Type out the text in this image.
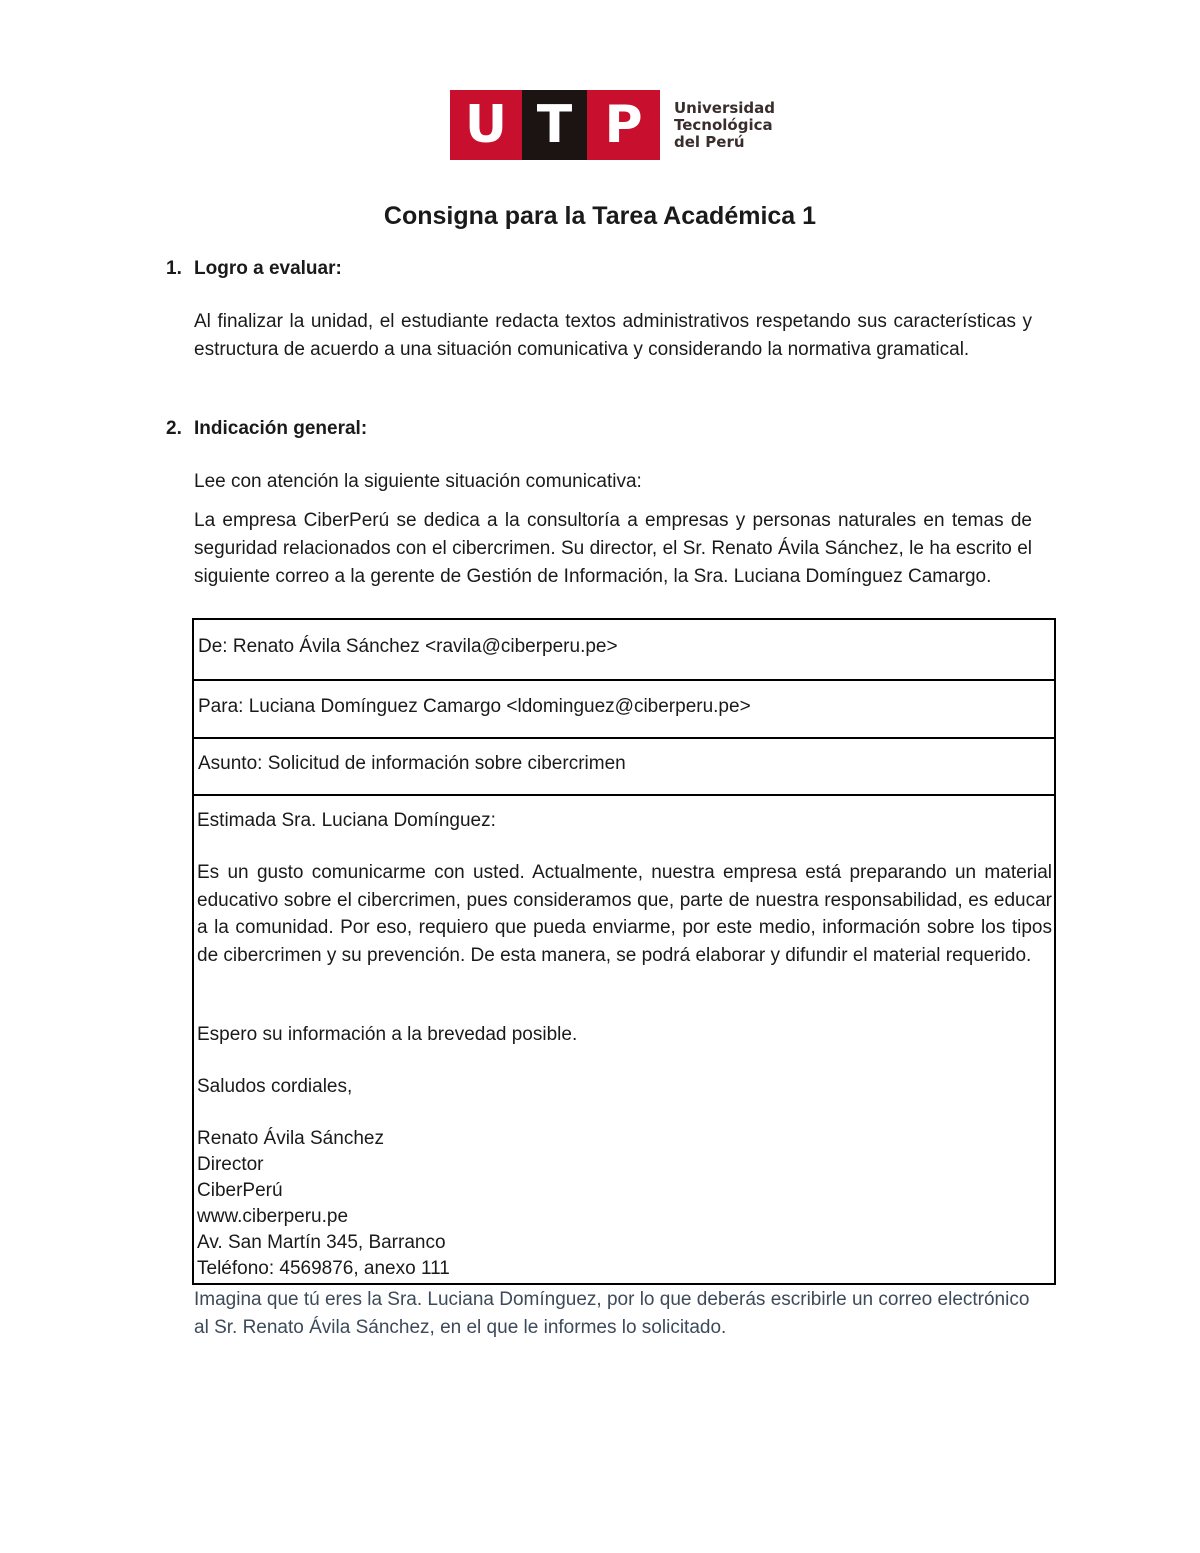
U T P	Universidad
Tecnológica
del Perú
Consigna para la Tarea Académica 1
1. Logro a evaluar:
Al finalizar la unidad, el estudiante redacta textos administrativos respetando sus características y estructura de acuerdo a una situación comunicativa y considerando la normativa gramatical.
2. Indicación general:
Lee con atención la siguiente situación comunicativa:
La empresa CiberPerú se dedica a la consultoría a empresas y personas naturales en temas de seguridad relacionados con el cibercrimen. Su director, el Sr. Renato Ávila Sánchez, le ha escrito el siguiente correo a la gerente de Gestión de Información, la Sra. Luciana Domínguez Camargo.
De: Renato Ávila Sánchez <ravila@ciberperu.pe>
Para: Luciana Domínguez Camargo <ldominguez@ciberperu.pe>
Asunto: Solicitud de información sobre cibercrimen
Estimada Sra. Luciana Domínguez:
Es un gusto comunicarme con usted. Actualmente, nuestra empresa está preparando un material educativo sobre el cibercrimen, pues consideramos que, parte de nuestra responsabilidad, es educar a la comunidad. Por eso, requiero que pueda enviarme, por este medio, información sobre los tipos de cibercrimen y su prevención. De esta manera, se podrá elaborar y difundir el material requerido.
Espero su información a la brevedad posible.
Saludos cordiales,
Renato Ávila Sánchez
Director
CiberPerú
www.ciberperu.pe
Av. San Martín 345, Barranco
Teléfono: 4569876, anexo 111
Imagina que tú eres la Sra. Luciana Domínguez, por lo que deberás escribirle un correo electrónico al Sr. Renato Ávila Sánchez, en el que le informes lo solicitado.
